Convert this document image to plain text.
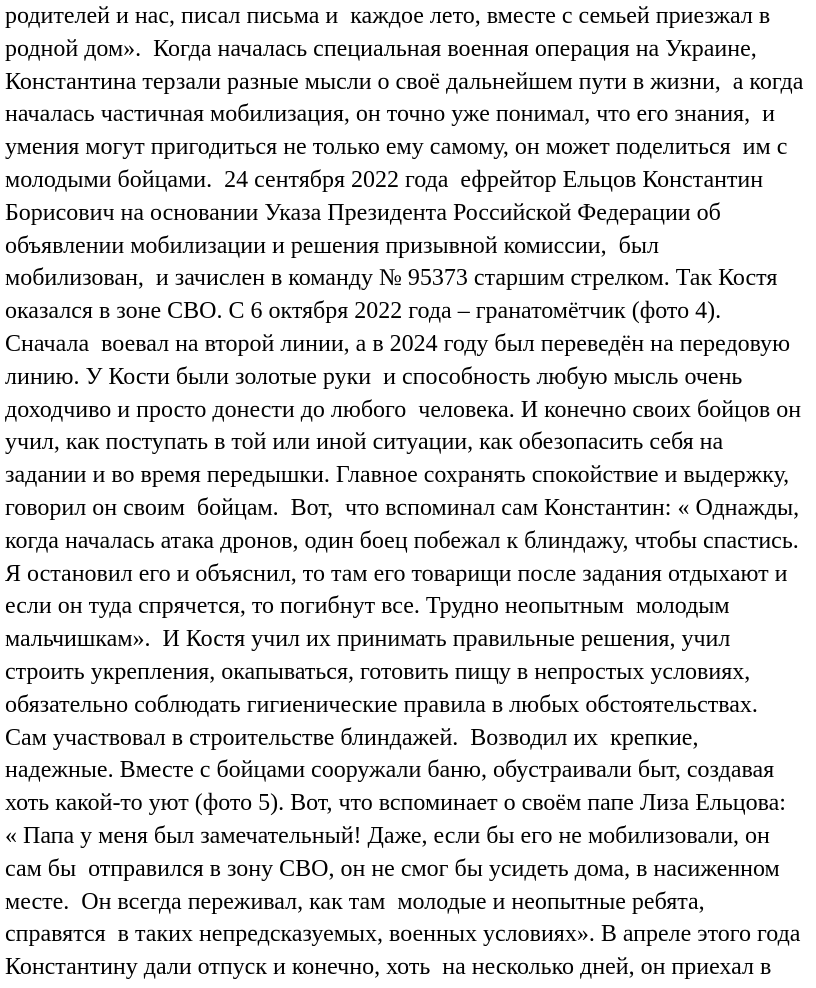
родителей и нас, писал письма и  каждое лето, вместе с семьей приезжал в

родной дом».  Когда началась специальная военная операция на Украине,

Константина терзали разные мысли о своё дальнейшем пути в жизни,  а когда

началась частичная мобилизация, он точно уже понимал, что его знания,  и

умения могут пригодиться не только ему самому, он может поделиться  им с

молодыми бойцами.  24 сентября 2022 года  ефрейтор Ельцов Константин

Борисович на основании Указа Президента Российской Федерации об

объявлении мобилизации и решения призывной комиссии,  был

мобилизован,  и зачислен в команду № 95373 старшим стрелком. Так Костя

оказался в зоне СВО. С 6 октября 2022 года – гранатомётчик (фото 4).

Сначала  воевал на второй линии, а в 2024 году был переведён на передовую

линию. У Кости были золотые руки  и способность любую мысль очень

доходчиво и просто донести до любого  человека. И конечно своих бойцов он

учил, как поступать в той или иной ситуации, как обезопасить себя на

задании и во время передышки. Главное сохранять спокойствие и выдержку,

говорил он своим  бойцам.  Вот,  что вспоминал сам Константин: « Однажды,

когда началась атака дронов, один боец побежал к блиндажу, чтобы спастись.

Я остановил его и объяснил, то там его товарищи после задания отдыхают и

если он туда спрячется, то погибнут все. Трудно неопытным  молодым

мальчишкам».  И Костя учил их принимать правильные решения, учил

строить укрепления, окапываться, готовить пищу в непростых условиях,

обязательно соблюдать гигиенические правила в любых обстоятельствах.

Сам участвовал в строительстве блиндажей.  Возводил их  крепкие,

надежные. Вместе с бойцами сооружали баню, обустраивали быт, создавая

хоть какой-то уют (фото 5). Вот, что вспоминает о своём папе Лиза Ельцова:

« Папа у меня был замечательный! Даже, если бы его не мобилизовали, он

сам бы  отправился в зону СВО, он не смог бы усидеть дома, в насиженном

месте.  Он всегда переживал, как там  молодые и неопытные ребята,

справятся  в таких непредсказуемых, военных условиях». В апреле этого года

Константину дали отпуск и конечно, хоть  на несколько дней, он приехал в
